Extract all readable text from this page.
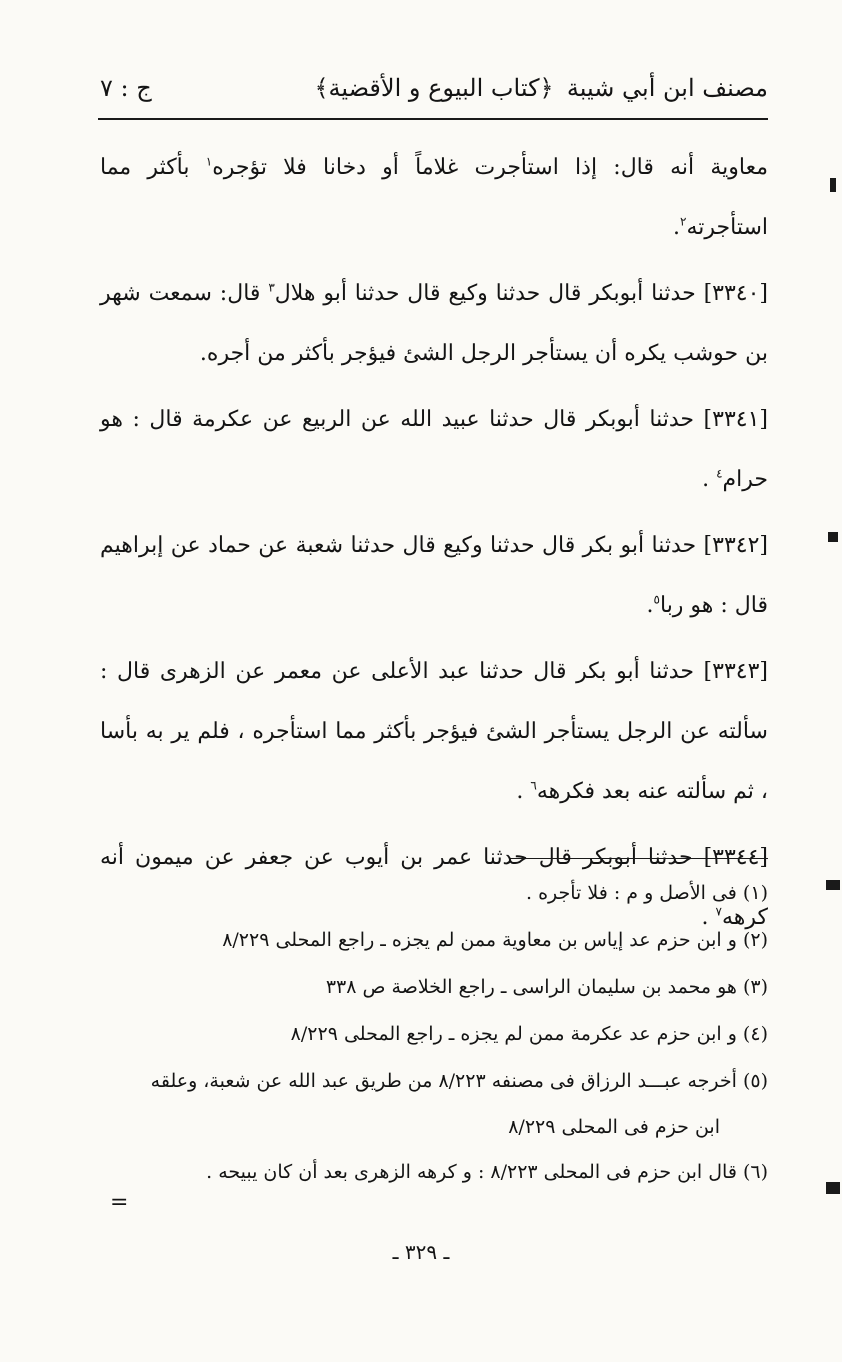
مصنف ابن أبي شيبة
﴿كتاب البيوع و الأقضية﴾
ج : ٧

معاوية أنه قال: إذا استأجرت غلاماً أو دخانا فلا تؤجره$^١$ بأكثر مما استأجرته$^٢$.

[٣٣٤٠] حدثنا أبوبكر قال حدثنا وكيع قال حدثنا أبو هلال$^٣$ قال: سمعت شهر بن حوشب يكره أن يستأجر الرجل الشئ فيؤجر بأكثر من أجره.

[٣٣٤١] حدثنا أبوبكر قال حدثنا عبيد الله عن الربيع عن عكرمة قال : هو حرام$^٤$ .

[٣٣٤٢] حدثنا أبو بكر قال حدثنا وكيع قال حدثنا شعبة عن حماد عن إبراهيم قال : هو ربا$^٥$.

[٣٣٤٣] حدثنا أبو بكر قال حدثنا عبد الأعلى عن معمر عن الزهرى قال : سألته عن الرجل يستأجر الشئ فيؤجر بأكثر مما استأجره ، فلم ير به بأسا ، ثم سألته عنه بعد فكرهه$^٦$ .

[٣٣٤٤] حدثنا أبوبكر قال حدثنا عمر بن أيوب عن جعفر عن ميمون أنه كرهه$^٧$ .

(١) فى الأصل و م : فلا تأجره .

(٢) و ابن حزم عد إياس بن معاوية ممن لم يجزه ـ راجع المحلى ٨/٢٢٩

(٣) هو محمد بن سليمان الراسى ـ راجع الخلاصة ص ٣٣٨

(٤) و ابن حزم عد عكرمة ممن لم يجزه ـ راجع المحلى ٨/٢٢٩

(٥) أخرجه عبـــد الرزاق فى مصنفه ٨/٢٢٣ من طريق عبد الله عن شعبة، وعلقه

ابن حزم فى المحلى ٨/٢٢٩

(٦) قال ابن حزم فى المحلى ٨/٢٢٣ : و كرهه الزهرى بعد أن كان يبيحه .

=
ـ ٣٢٩ ـ
